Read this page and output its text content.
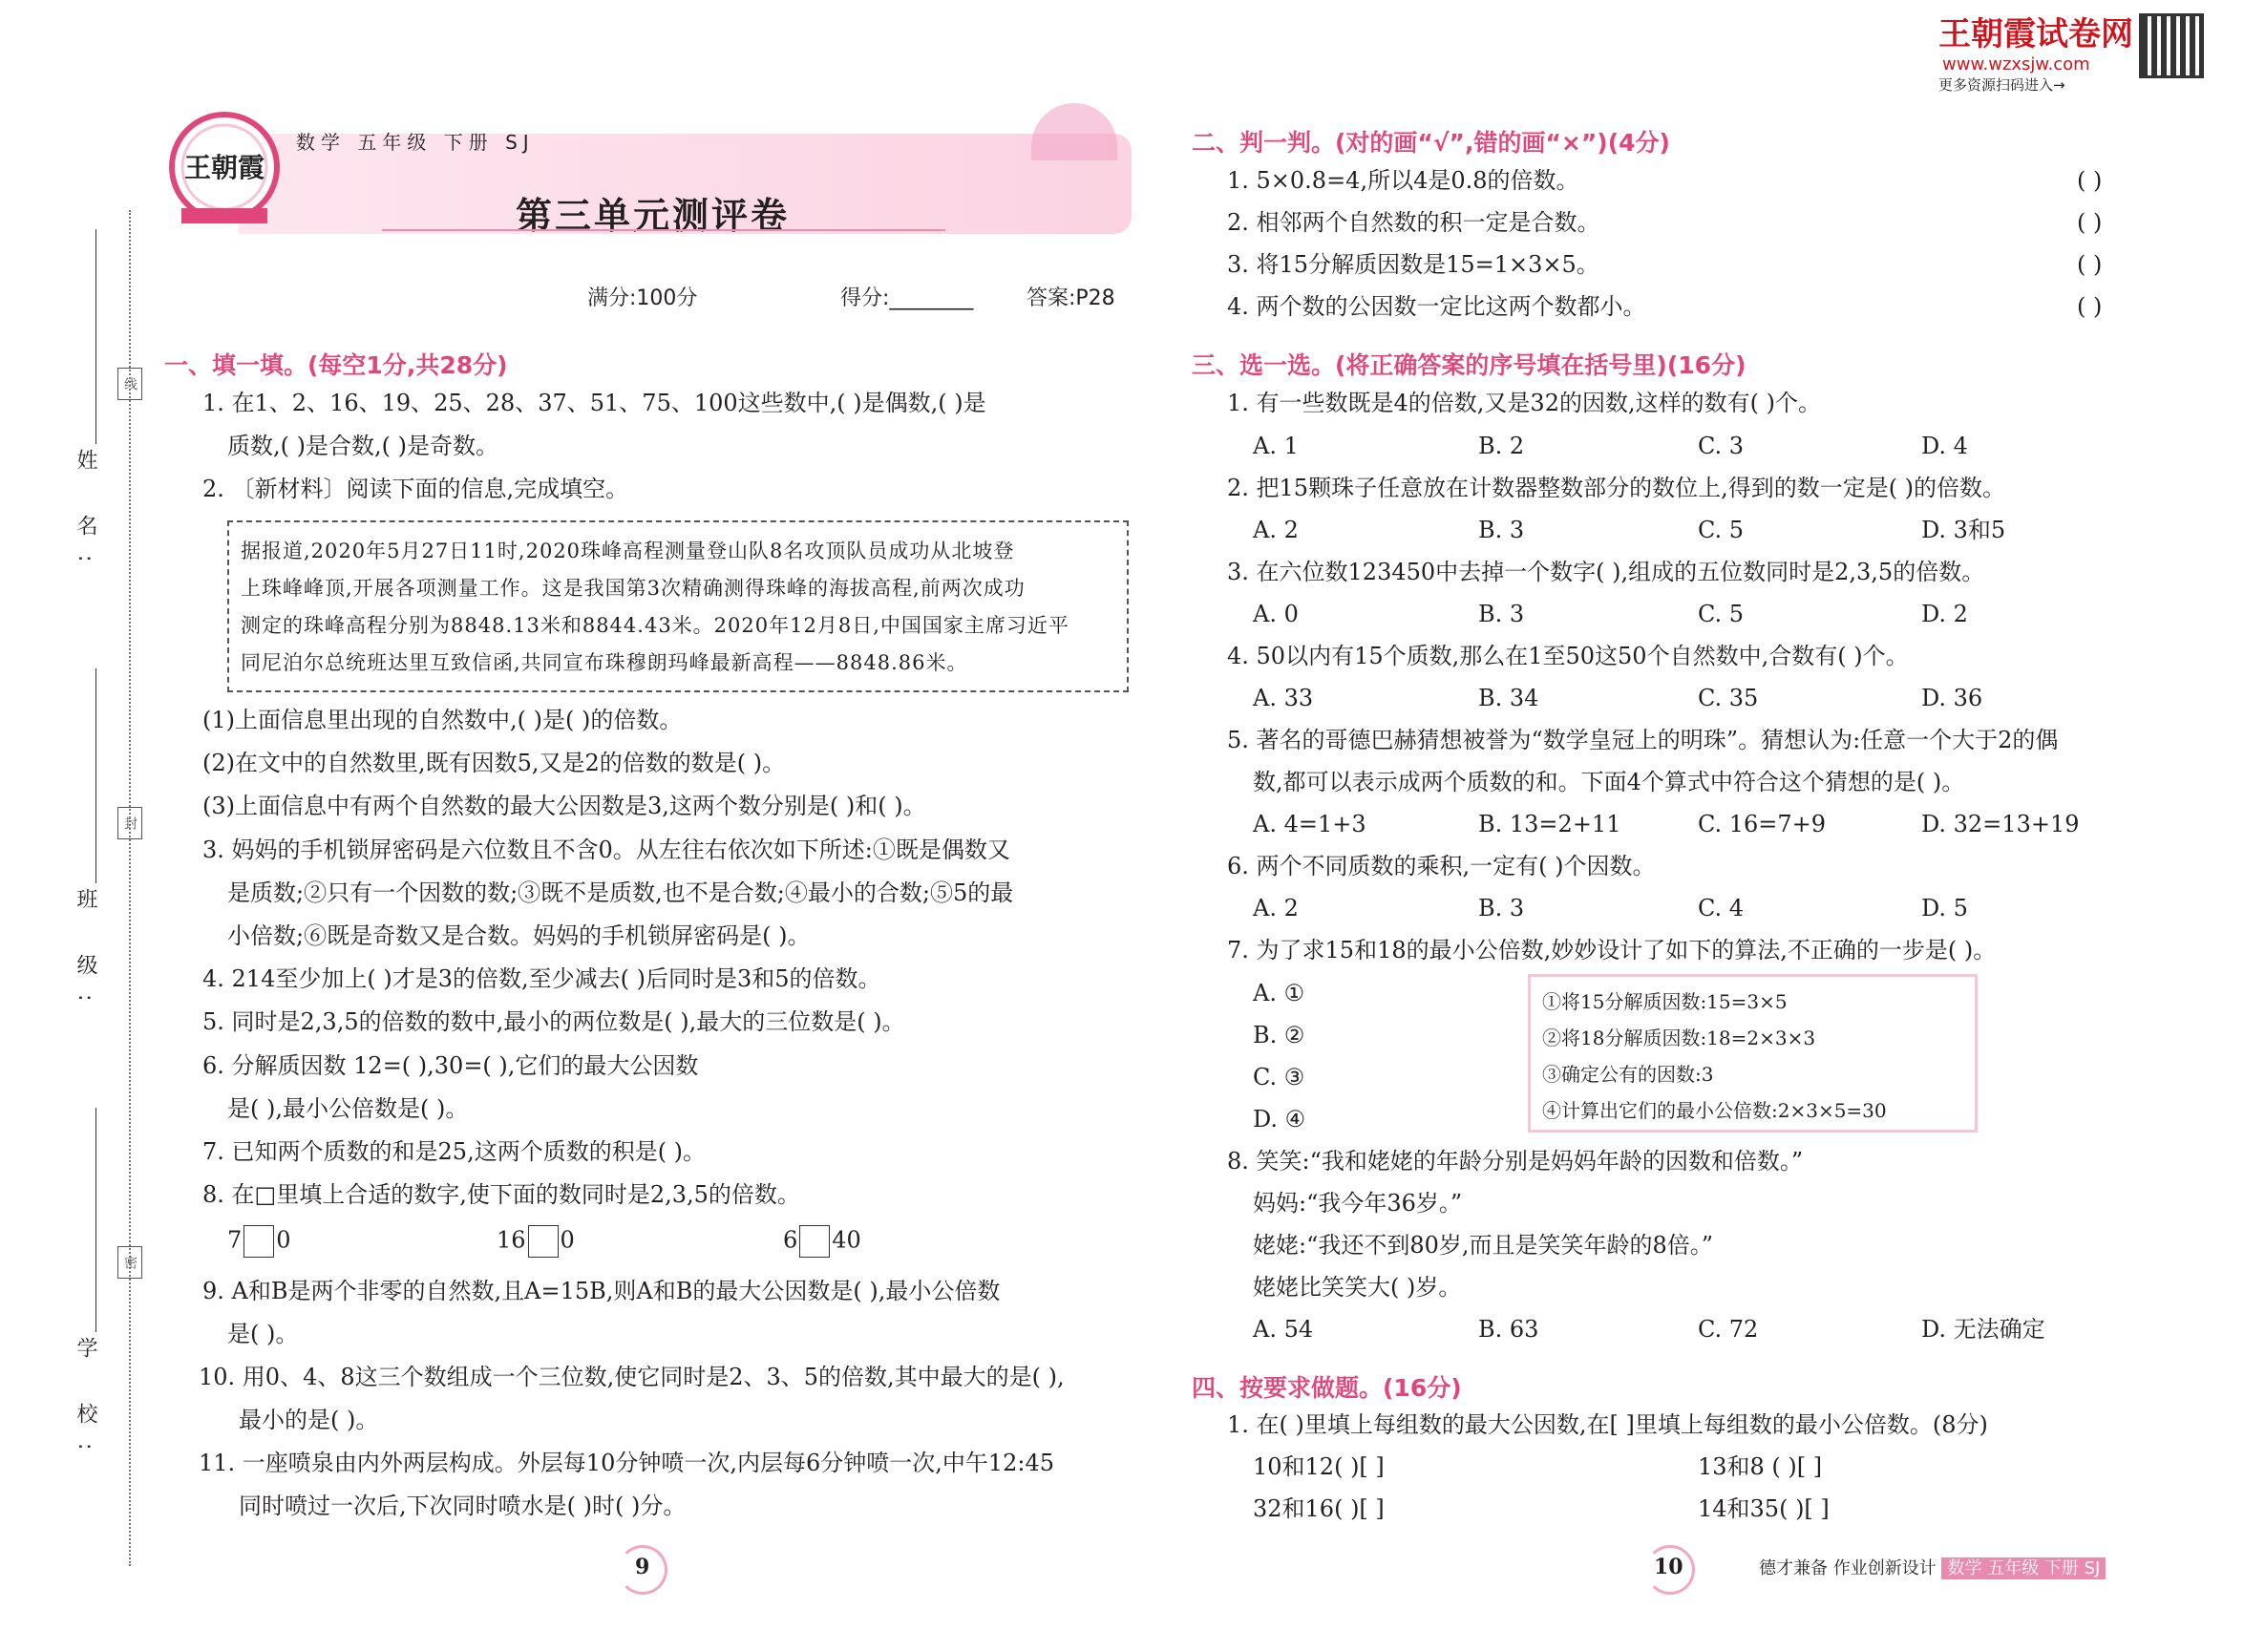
王朝霞试卷网
www.wzxsjw.com
更多资源扫码进入→
姓 名:
线
班 级:
封
学 校:
密
王朝霞
数学 五年级 下册 SJ
第三单元测评卷
满分:100分	得分:________	答案:P28
一、填一填。(每空1分,共28分)
1. 在1、2、16、19、25、28、37、51、75、100这些数中,( )是偶数,( )是
质数,( )是合数,( )是奇数。
2. 〔新材料〕阅读下面的信息,完成填空。

据报道,2020年5月27日11时,2020珠峰高程测量登山队8名攻顶队员成功从北坡登

上珠峰峰顶,开展各项测量工作。这是我国第3次精确测得珠峰的海拔高程,前两次成功

测定的珠峰高程分别为8848.13米和8844.43米。2020年12月8日,中国国家主席习近平

同尼泊尔总统班达里互致信函,共同宣布珠穆朗玛峰最新高程——8848.86米。

(1)上面信息里出现的自然数中,( )是( )的倍数。
(2)在文中的自然数里,既有因数5,又是2的倍数的数是( )。
(3)上面信息中有两个自然数的最大公因数是3,这两个数分别是( )和( )。
3. 妈妈的手机锁屏密码是六位数且不含0。从左往右依次如下所述:①既是偶数又
是质数;②只有一个因数的数;③既不是质数,也不是合数;④最小的合数;⑤5的最
小倍数;⑥既是奇数又是合数。妈妈的手机锁屏密码是( )。
4. 214至少加上( )才是3的倍数,至少减去( )后同时是3和5的倍数。
5. 同时是2,3,5的倍数的数中,最小的两位数是( ),最大的三位数是( )。
6. 分解质因数 12=( ),30=( ),它们的最大公因数
是( ),最小公倍数是( )。
7. 已知两个质数的和是25,这两个质数的积是( )。
8. 在□里填上合适的数字,使下面的数同时是2,3,5的倍数。
7 0	16 0	6 40
9. A和B是两个非零的自然数,且A=15B,则A和B的最大公因数是( ),最小公倍数
是( )。
10. 用0、4、8这三个数组成一个三位数,使它同时是2、3、5的倍数,其中最大的是( ),
最小的是( )。
11. 一座喷泉由内外两层构成。外层每10分钟喷一次,内层每6分钟喷一次,中午12:45
同时喷过一次后,下次同时喷水是( )时( )分。
9
二、判一判。(对的画“√”,错的画“×”)(4分)
1. 5×0.8=4,所以4是0.8的倍数。	( )
2. 相邻两个自然数的积一定是合数。	( )
3. 将15分解质因数是15=1×3×5。	( )
4. 两个数的公因数一定比这两个数都小。	( )
三、选一选。(将正确答案的序号填在括号里)(16分)
1. 有一些数既是4的倍数,又是32的因数,这样的数有( )个。
A. 1	B. 2	C. 3	D. 4
2. 把15颗珠子任意放在计数器整数部分的数位上,得到的数一定是( )的倍数。
A. 2	B. 3	C. 5	D. 3和5
3. 在六位数123450中去掉一个数字( ),组成的五位数同时是2,3,5的倍数。
A. 0	B. 3	C. 5	D. 2
4. 50以内有15个质数,那么在1至50这50个自然数中,合数有( )个。
A. 33	B. 34	C. 35	D. 36
5. 著名的哥德巴赫猜想被誉为“数学皇冠上的明珠”。猜想认为:任意一个大于2的偶
数,都可以表示成两个质数的和。下面4个算式中符合这个猜想的是( )。
A. 4=1+3	B. 13=2+11	C. 16=7+9	D. 32=13+19
6. 两个不同质数的乘积,一定有( )个因数。
A. 2	B. 3	C. 4	D. 5
7. 为了求15和18的最小公倍数,妙妙设计了如下的算法,不正确的一步是( )。
A. ①
B. ②
C. ③
D. ④
①将15分解质因数:15=3×5
②将18分解质因数:18=2×3×3
③确定公有的因数:3
④计算出它们的最小公倍数:2×3×5=30
8. 笑笑:“我和姥姥的年龄分别是妈妈年龄的因数和倍数。”
妈妈:“我今年36岁。”
姥姥:“我还不到80岁,而且是笑笑年龄的8倍。”
姥姥比笑笑大( )岁。
A. 54	B. 63	C. 72	D. 无法确定
四、按要求做题。(16分)
1. 在( )里填上每组数的最大公因数,在[ ]里填上每组数的最小公倍数。(8分)
10和12( )[ ]	13和8 ( )[ ]
32和16( )[ ]	14和35( )[ ]
10	德才兼备 作业创新设计 数学 五年级 下册 SJ
